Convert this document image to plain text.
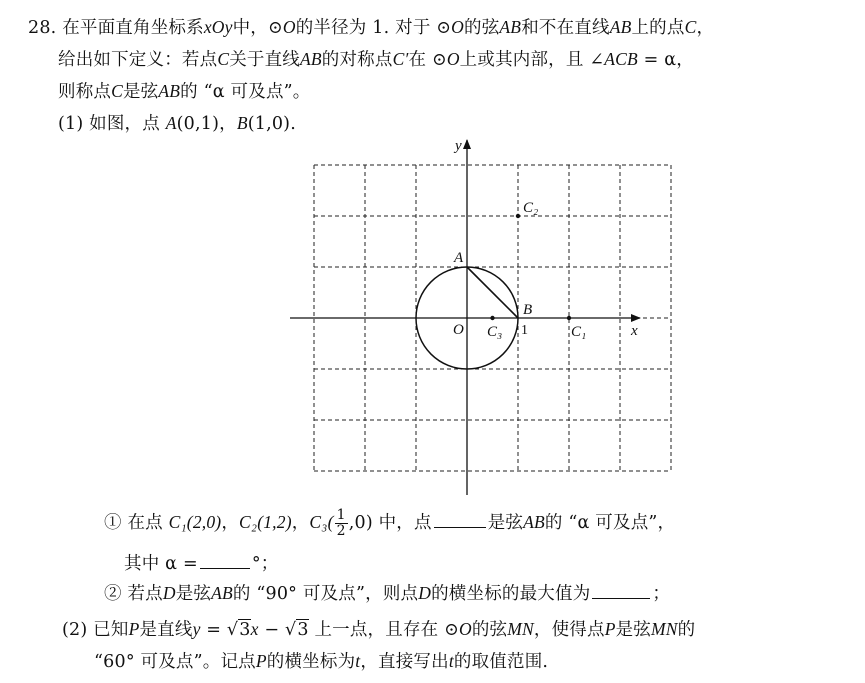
28. 在平面直角坐标系xOy中，⊙O的半径为 1. 对于 ⊙O的弦AB和不在直线AB上的点C，
给出如下定义：若点C关于直线AB的对称点C′在 ⊙O上或其内部，且 ∠ACB = α，
则称点C是弦AB的 “α 可及点”。
(1) 如图，点 A(0,1)，B(1,0).
y
x
O
A
B
1
C₃	C₁
C₂
① 在点 C₁(2,0)，C₂(1,2)，$C_3( \frac{1}{2} ,0)$ 中，点	是弦AB的 “α 可及点”，
其中 α =	°；
② 若点D是弦AB的 “90° 可及点”，则点D的横坐标的最大值为	；
(2) 已知P是直线y = √3x − √3 上一点，且存在 ⊙O的弦MN，使得点P是弦MN的
“60° 可及点”。记点P的横坐标为t，直接写出t的取值范围.
